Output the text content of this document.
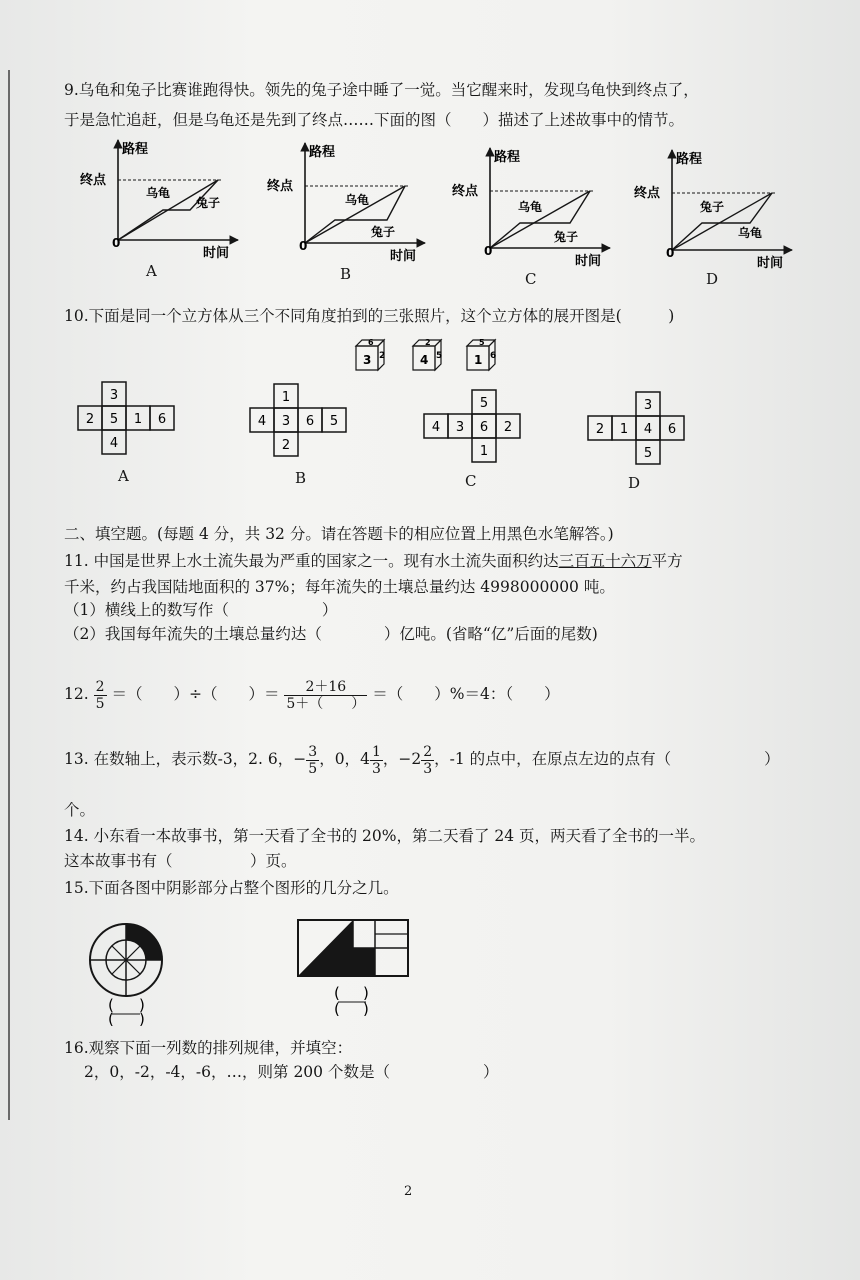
9.乌龟和兔子比赛谁跑得快。领先的兔子途中睡了一觉。当它醒来时，发现乌龟快到终点了，
于是急忙追赶，但是乌龟还是先到了终点……下面的图（　　）描述了上述故事中的情节。
0
路程
时间
终点
乌龟
兔子
0
路程
时间
终点
乌龟
兔子
0
路程
时间
终点
乌龟
兔子
0
路程
时间
终点
兔子
乌龟
A	B	C	D
10.下面是同一个立方体从三个不同角度拍到的三张照片，这个立方体的展开图是(　　　)
3
6
2	4
2
5	1
5
6
3
2 5 1 6
4
1
4 3 6 5
2
5
4 3 6 2
1
3
2 1 4 6
5
A	B	C	D
二、填空题。(每题 4 分，共 32 分。请在答题卡的相应位置上用黑色水笔解答。)
11. 中国是世界上水土流失最为严重的国家之一。现有水土流失面积约达三百五十六万平方
千米，约占我国陆地面积的 37%；每年流失的土壤总量约达 4998000000 吨。
（1）横线上的数写作（　　　　　　）
（2）我国每年流失的土壤总量约达（　　　　）亿吨。(省略“亿”后面的尾数)
12. $\frac{2}{5}$ ＝（　　）÷（　　）＝ $\frac{2+16}{5+( )}$ ＝（　　）%＝4：（　　）
13. 在数轴上，表示数-3，2. 6，− $\frac{3}{5}$ ，0，$4 \frac{1}{3}$ ，$-2 \frac{2}{3}$ ，-1 的点中，在原点左边的点有（　　　　　　）
个。
14. 小东看一本故事书，第一天看了全书的 20%，第二天看了 24 页，两天看了全书的一半。
这本故事书有（　　　　　）页。
15.下面各图中阴影部分占整个图形的几分之几。
( )
( )
( )
( )
16.观察下面一列数的排列规律，并填空：
2，0，-2，-4，-6，…，则第 200 个数是（　　　　　　）
2
